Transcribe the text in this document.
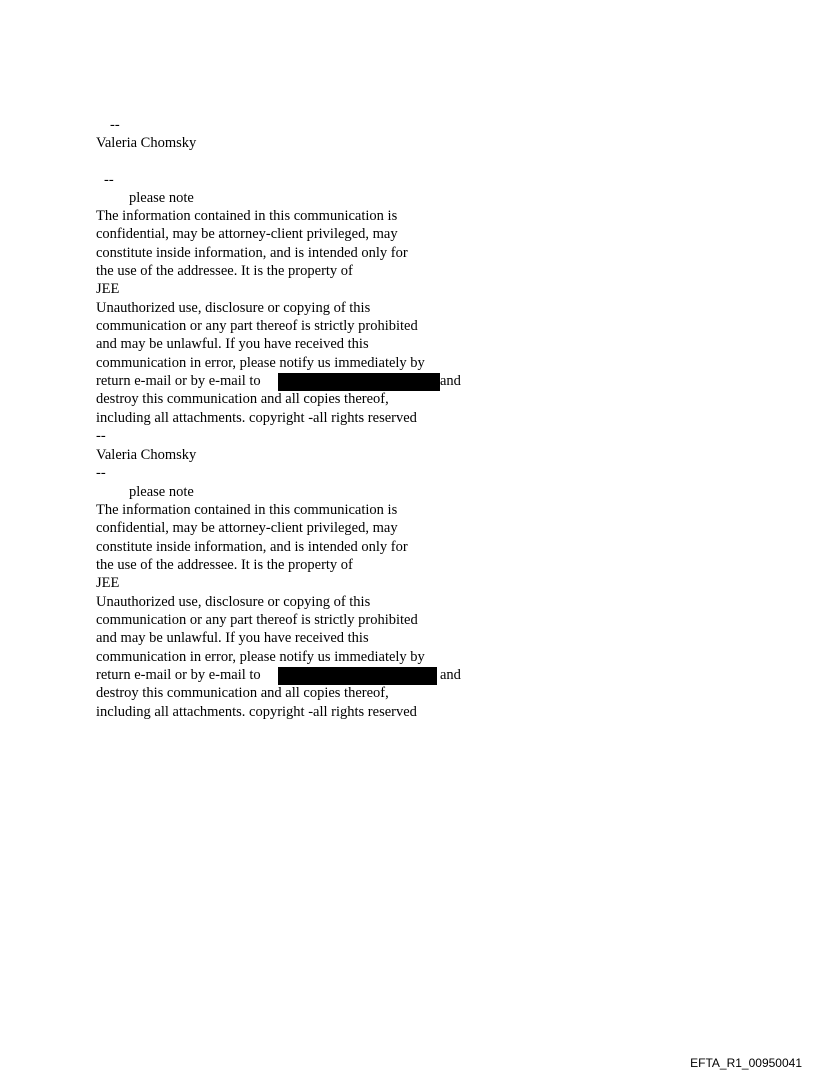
--
Valeria Chomsky
--
please note
The information contained in this communication is
confidential, may be attorney-client privileged, may
constitute inside information, and is intended only for
the use of the addressee. It is the property of
JEE
Unauthorized use, disclosure or copying of this
communication or any part thereof is strictly prohibited
and may be unlawful. If you have received this
communication in error, please notify us immediately by
return e-mail or by e-mail to	and
destroy this communication and all copies thereof,
including all attachments. copyright -all rights reserved
--
Valeria Chomsky
--
please note
The information contained in this communication is
confidential, may be attorney-client privileged, may
constitute inside information, and is intended only for
the use of the addressee. It is the property of
JEE
Unauthorized use, disclosure or copying of this
communication or any part thereof is strictly prohibited
and may be unlawful. If you have received this
communication in error, please notify us immediately by
return e-mail or by e-mail to	and
destroy this communication and all copies thereof,
including all attachments. copyright -all rights reserved
EFTA_R1_00950041
